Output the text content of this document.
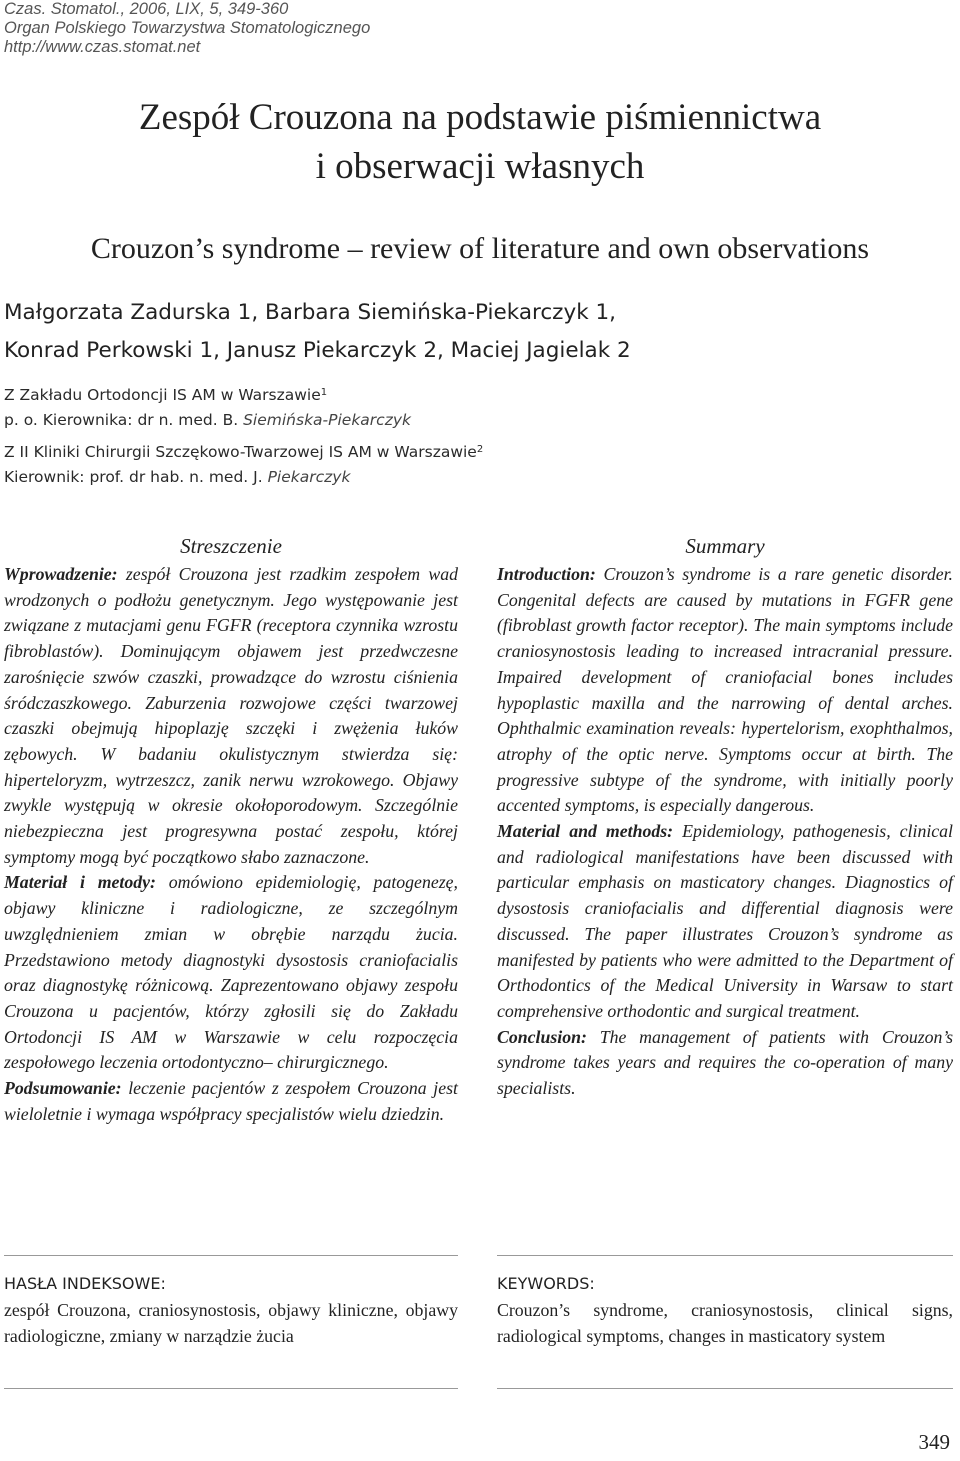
Czas. Stomatol., 2006, LIX, 5, 349-360
Organ Polskiego Towarzystwa Stomatologicznego
http://www.czas.stomat.net
Zespół Crouzona na podstawie piśmiennictwa
i obserwacji własnych
Crouzon’s syndrome – review of literature and own observations
Małgorzata Zadurska 1, Barbara Siemińska-Piekarczyk 1,
Konrad Perkowski 1, Janusz Piekarczyk 2, Maciej Jagielak 2
Z Zakładu Ortodoncji IS AM w Warszawie$^1$
p. o. Kierownika: dr n. med. B. Siemińska-Piekarczyk
Z II Kliniki Chirurgii Szczękowo-Twarzowej IS AM w Warszawie$^2$
Kierownik: prof. dr hab. n. med. J. Piekarczyk
Streszczenie

Wprowadzenie: zespół Crouzona jest rzadkim zespołem wad wrodzonych o podłożu genetycznym. Jego występowanie jest związane z mutacjami genu FGFR (receptora czynnika wzrostu fibroblastów). Dominującym objawem jest przedwczesne zarośnięcie szwów czaszki, prowadzące do wzrostu ciśnienia śródczaszkowego. Zaburzenia rozwojowe części twarzowej czaszki obejmują hipoplazję szczęki i zwężenia łuków zębowych. W badaniu okulistycznym stwierdza się: hiperteloryzm, wytrzeszcz, zanik nerwu wzrokowego. Objawy zwykle występują w okresie okołoporodowym. Szczególnie niebezpieczna jest progresywna postać zespołu, której symptomy mogą być początkowo słabo zaznaczone.

Materiał i metody: omówiono epidemiologię, patogenezę, objawy kliniczne i radiologiczne, ze szczególnym uwzględnieniem zmian w obrębie narządu żucia. Przedstawiono metody diagnostyki dysostosis craniofacialis oraz diagnostykę różnicową. Zaprezentowano objawy zespołu Crouzona u pacjentów, którzy zgłosili się do Zakładu Ortodoncji IS AM w Warszawie w celu rozpoczęcia zespołowego leczenia ortodontyczno– chirurgicznego.

Podsumowanie: leczenie pacjentów z zespołem Crouzona jest wieloletnie i wymaga współpracy specjalistów wielu dziedzin.

Summary

Introduction: Crouzon’s syndrome is a rare genetic disorder. Congenital defects are caused by mutations in FGFR gene (fibroblast growth factor receptor). The main symptoms include craniosynostosis leading to increased intracranial pressure. Impaired development of craniofacial bones includes hypoplastic maxilla and the narrowing of dental arches. Ophthalmic examination reveals: hypertelorism, exophthalmos, atrophy of the optic nerve. Symptoms occur at birth. The progressive subtype of the syndrome, with initially poorly accented symptoms, is especially dangerous.

Material and methods: Epidemiology, pathogenesis, clinical and radiological manifestations have been discussed with particular emphasis on masticatory changes. Diagnostics of dysostosis craniofacialis and differential diagnosis were discussed. The paper illustrates Crouzon’s syndrome as manifested by patients who were admitted to the Department of Orthodontics of the Medical University in Warsaw to start comprehensive orthodontic and surgical treatment.

Conclusion: The management of patients with Crouzon’s syndrome takes years and requires the co-operation of many specialists.

HASŁA INDEKSOWE:
zespół Crouzona, craniosynostosis, objawy kliniczne, objawy radiologiczne, zmiany w narządzie żucia
KEYWORDS:
Crouzon’s syndrome, craniosynostosis, clinical signs, radiological symptoms, changes in masticatory system
349
